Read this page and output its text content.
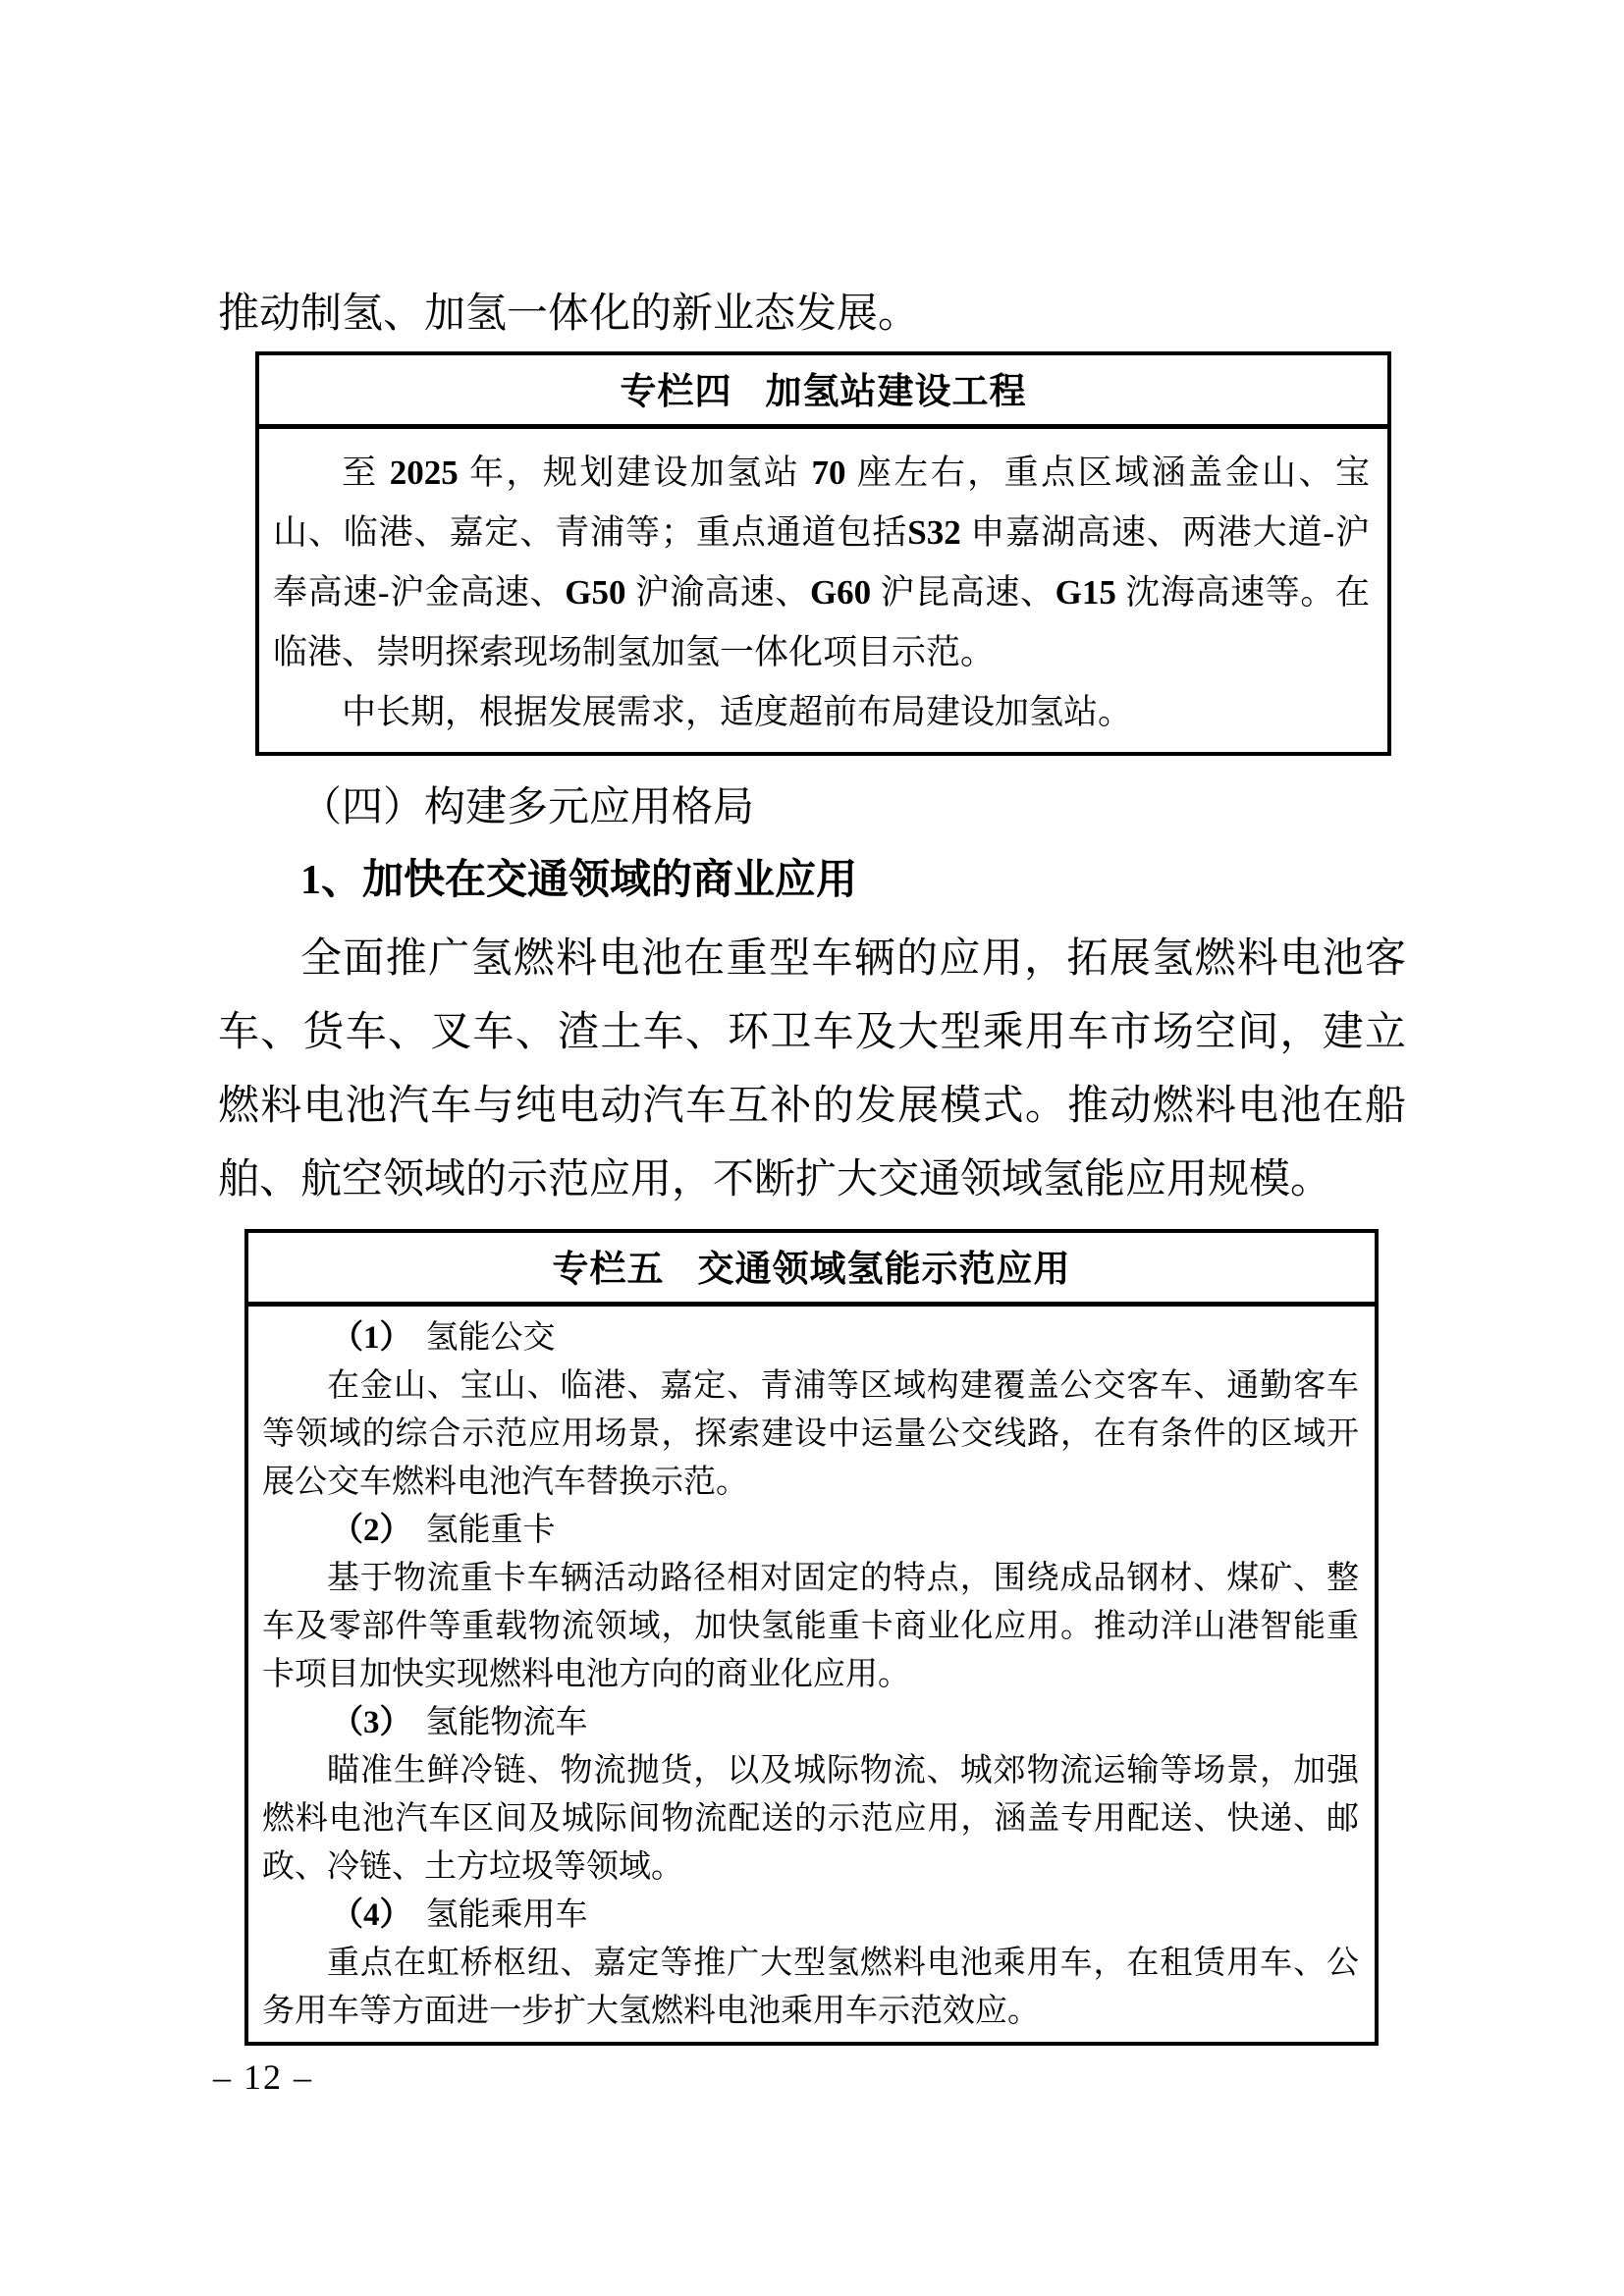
推动制氢、加氢一体化的新业态发展。

专栏四 加氢站建设工程

至 2025 年，规划建设加氢站 70 座左右，重点区域涵盖金山、宝山、临港、嘉定、青浦等；重点通道包括S32 申嘉湖高速、两港大道-沪奉高速-沪金高速、G50 沪渝高速、G60 沪昆高速、G15 沈海高速等。在临港、崇明探索现场制氢加氢一体化项目示范。

中长期，根据发展需求，适度超前布局建设加氢站。

（四）构建多元应用格局
1、加快在交通领域的商业应用

全面推广氢燃料电池在重型车辆的应用，拓展氢燃料电池客车、货车、叉车、渣土车、环卫车及大型乘用车市场空间，建立燃料电池汽车与纯电动汽车互补的发展模式。推动燃料电池在船舶、航空领域的示范应用，不断扩大交通领域氢能应用规模。

专栏五 交通领域氢能示范应用

（1） 氢能公交

在金山、宝山、临港、嘉定、青浦等区域构建覆盖公交客车、通勤客车等领域的综合示范应用场景，探索建设中运量公交线路，在有条件的区域开展公交车燃料电池汽车替换示范。

（2） 氢能重卡

基于物流重卡车辆活动路径相对固定的特点，围绕成品钢材、煤矿、整车及零部件等重载物流领域，加快氢能重卡商业化应用。推动洋山港智能重卡项目加快实现燃料电池方向的商业化应用。

（3） 氢能物流车

瞄准生鲜冷链、物流抛货，以及城际物流、城郊物流运输等场景，加强燃料电池汽车区间及城际间物流配送的示范应用，涵盖专用配送、快递、邮政、冷链、土方垃圾等领域。

（4） 氢能乘用车

重点在虹桥枢纽、嘉定等推广大型氢燃料电池乘用车，在租赁用车、公务用车等方面进一步扩大氢燃料电池乘用车示范效应。

– 12 –
